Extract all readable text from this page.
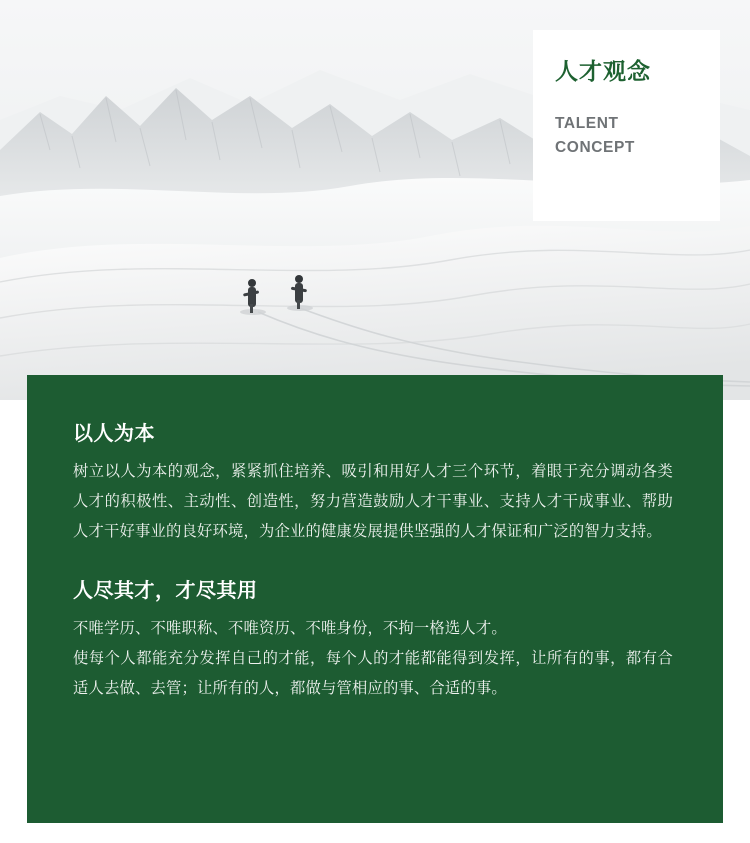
人才观念
TALENT
CONCEPT
以人为本

树立以人为本的观念，紧紧抓住培养、吸引和用好人才三个环节，着眼于充分调动各类人才的积极性、主动性、创造性，努力营造鼓励人才干事业、支持人才干成事业、帮助人才干好事业的良好环境，为企业的健康发展提供坚强的人才保证和广泛的智力支持。

人尽其才，才尽其用

不唯学历、不唯职称、不唯资历、不唯身份，不拘一格选人才。
使每个人都能充分发挥自己的才能，每个人的才能都能得到发挥，让所有的事，都有合适人去做、去管；让所有的人，都做与管相应的事、合适的事。
